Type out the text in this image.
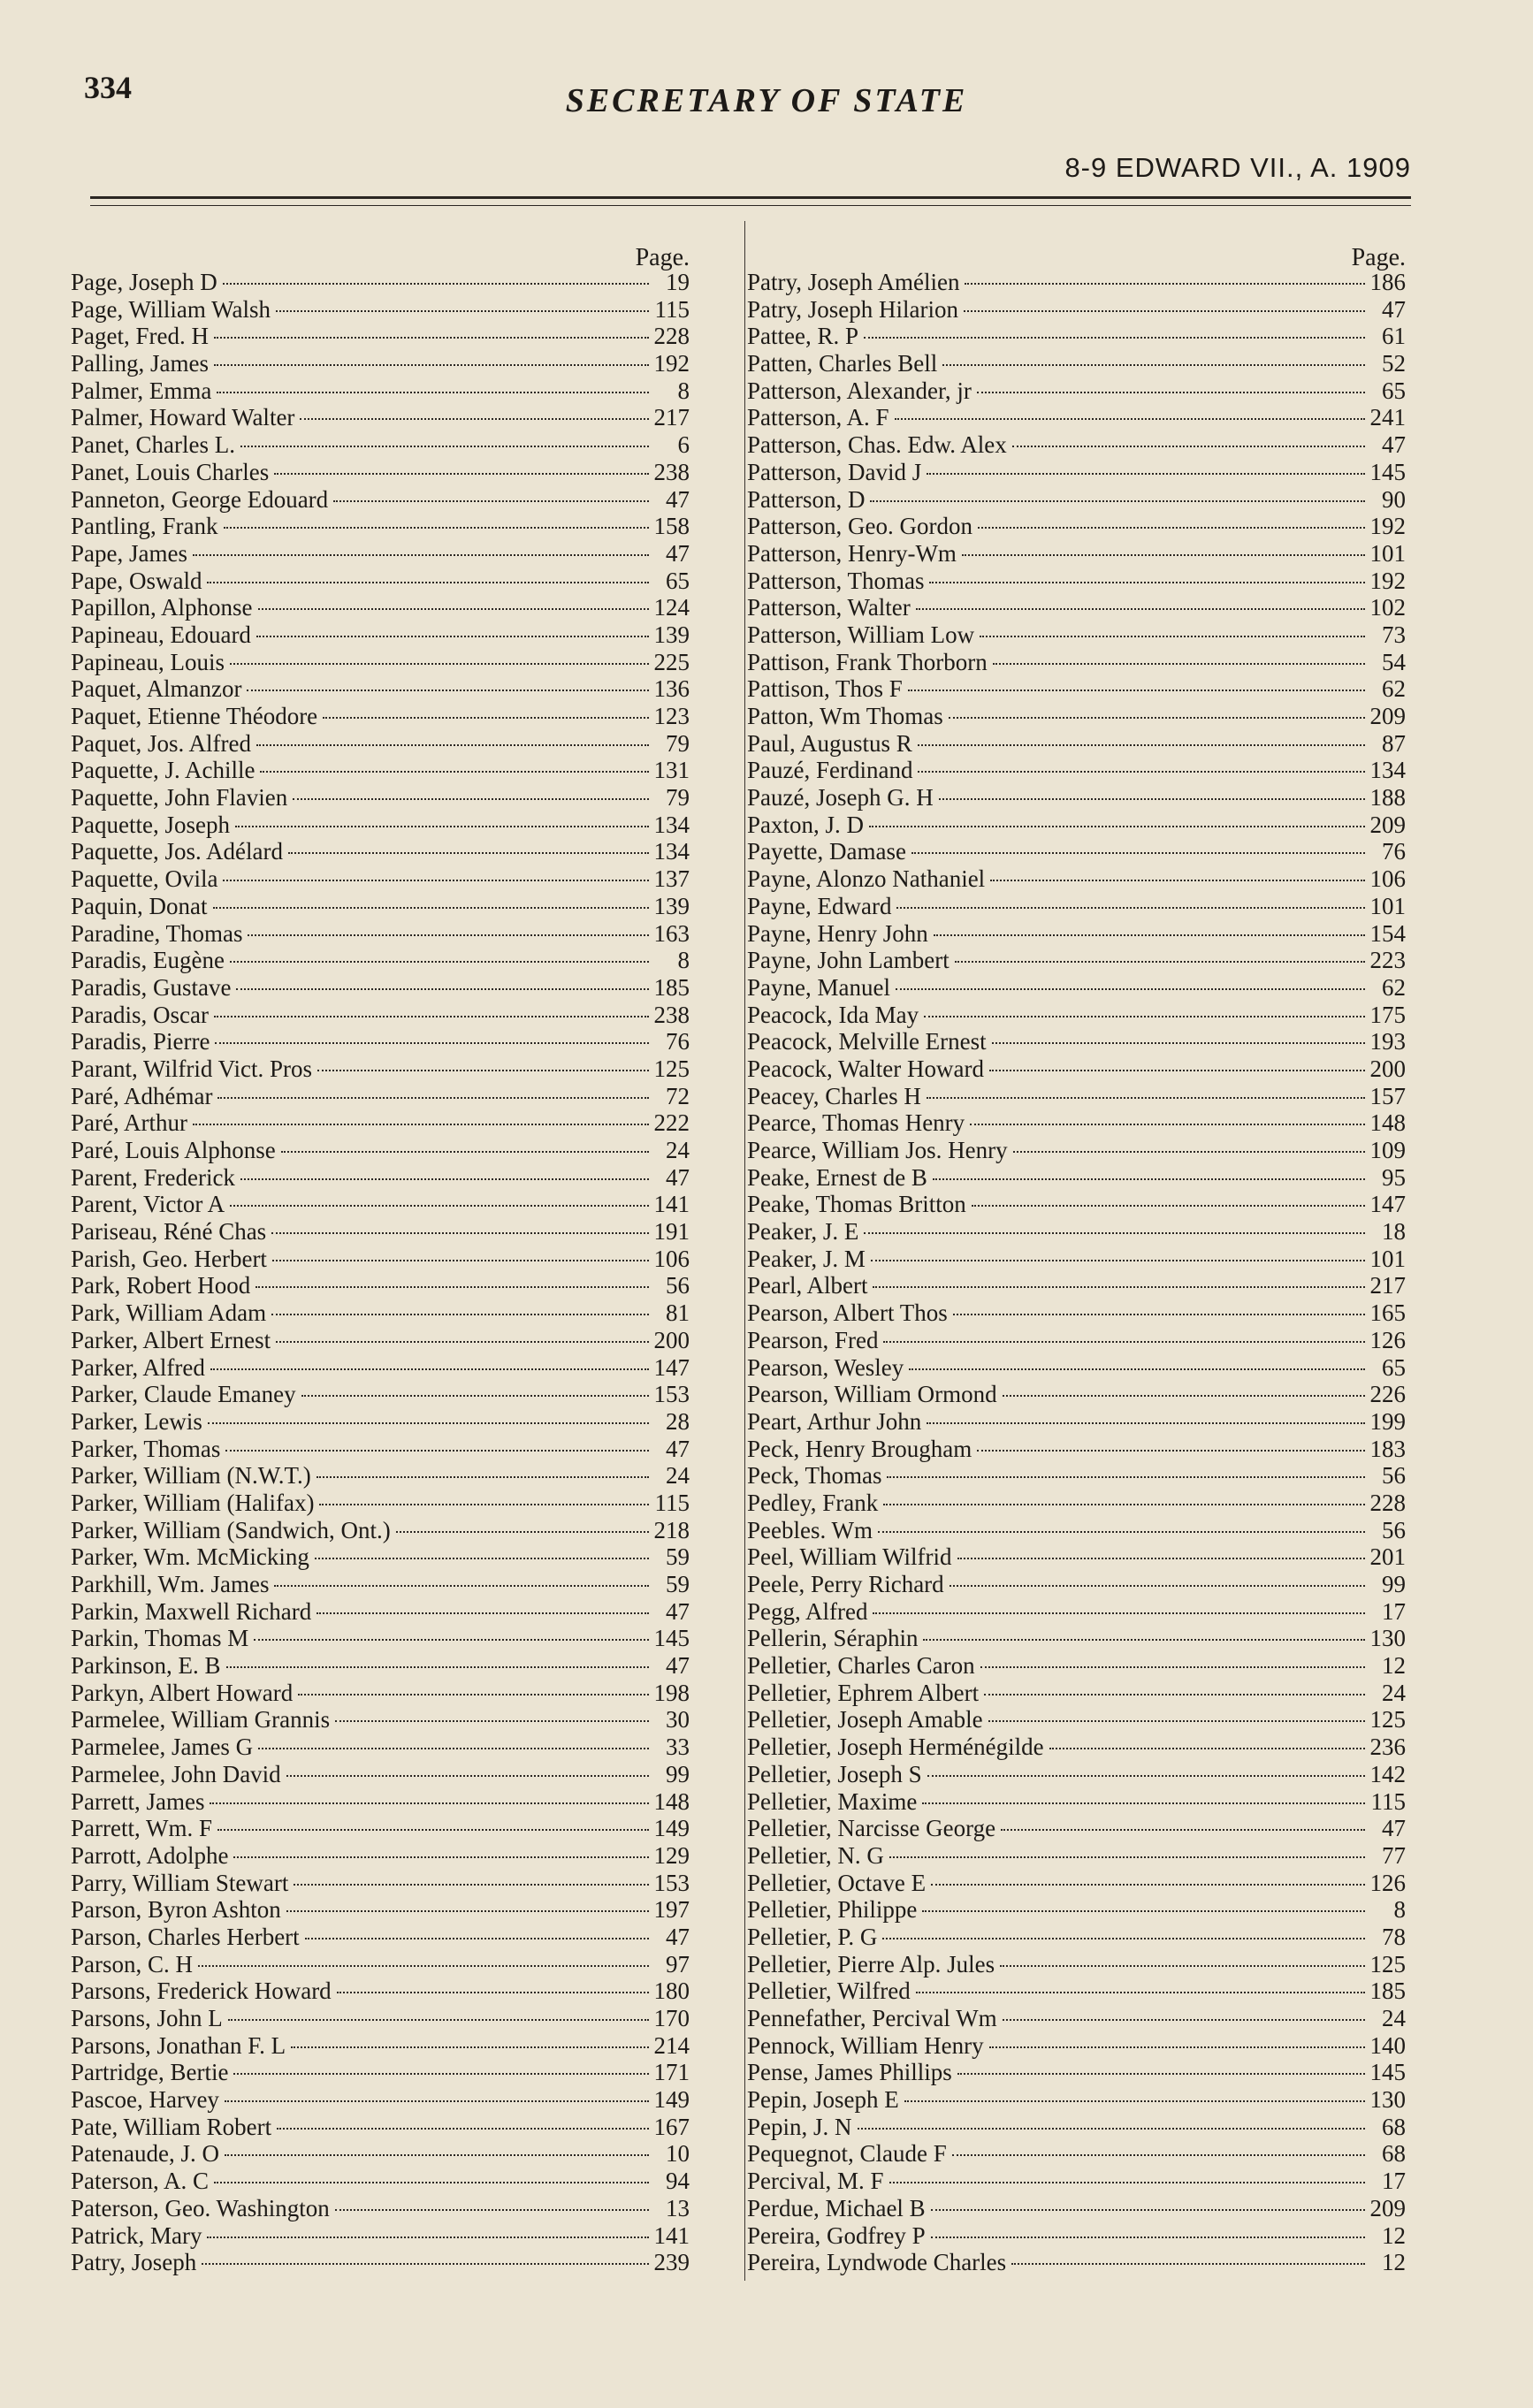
334	SECRETARY OF STATE
8-9 EDWARD VII., A. 1909
Page.
Page, Joseph D	19
Page, William Walsh	115
Paget, Fred. H	228
Palling, James	192
Palmer, Emma	8
Palmer, Howard Walter	217
Panet, Charles L.	6
Panet, Louis Charles	238
Panneton, George Edouard	47
Pantling, Frank	158
Pape, James	47
Pape, Oswald	65
Papillon, Alphonse	124
Papineau, Edouard	139
Papineau, Louis	225
Paquet, Almanzor	136
Paquet, Etienne Théodore	123
Paquet, Jos. Alfred	79
Paquette, J. Achille	131
Paquette, John Flavien	79
Paquette, Joseph	134
Paquette, Jos. Adélard	134
Paquette, Ovila	137
Paquin, Donat	139
Paradine, Thomas	163
Paradis, Eugène	8
Paradis, Gustave	185
Paradis, Oscar	238
Paradis, Pierre	76
Parant, Wilfrid Vict. Pros	125
Paré, Adhémar	72
Paré, Arthur	222
Paré, Louis Alphonse	24
Parent, Frederick	47
Parent, Victor A	141
Pariseau, Réné Chas	191
Parish, Geo. Herbert	106
Park, Robert Hood	56
Park, William Adam	81
Parker, Albert Ernest	200
Parker, Alfred	147
Parker, Claude Emaney	153
Parker, Lewis	28
Parker, Thomas	47
Parker, William (N.W.T.)	24
Parker, William (Halifax)	115
Parker, William (Sandwich, Ont.)	218
Parker, Wm. McMicking	59
Parkhill, Wm. James	59
Parkin, Maxwell Richard	47
Parkin, Thomas M	145
Parkinson, E. B	47
Parkyn, Albert Howard	198
Parmelee, William Grannis	30
Parmelee, James G	33
Parmelee, John David	99
Parrett, James	148
Parrett, Wm. F	149
Parrott, Adolphe	129
Parry, William Stewart	153
Parson, Byron Ashton	197
Parson, Charles Herbert	47
Parson, C. H	97
Parsons, Frederick Howard	180
Parsons, John L	170
Parsons, Jonathan F. L	214
Partridge, Bertie	171
Pascoe, Harvey	149
Pate, William Robert	167
Patenaude, J. O	10
Paterson, A. C	94
Paterson, Geo. Washington	13
Patrick, Mary	141
Patry, Joseph	239
Page.
Patry, Joseph Amélien	186
Patry, Joseph Hilarion	47
Pattee, R. P	61
Patten, Charles Bell	52
Patterson, Alexander, jr	65
Patterson, A. F	241
Patterson, Chas. Edw. Alex	47
Patterson, David J	145
Patterson, D	90
Patterson, Geo. Gordon	192
Patterson, Henry-Wm	101
Patterson, Thomas	192
Patterson, Walter	102
Patterson, William Low	73
Pattison, Frank Thorborn	54
Pattison, Thos F	62
Patton, Wm Thomas	209
Paul, Augustus R	87
Pauzé, Ferdinand	134
Pauzé, Joseph G. H	188
Paxton, J. D	209
Payette, Damase	76
Payne, Alonzo Nathaniel	106
Payne, Edward	101
Payne, Henry John	154
Payne, John Lambert	223
Payne, Manuel	62
Peacock, Ida May	175
Peacock, Melville Ernest	193
Peacock, Walter Howard	200
Peacey, Charles H	157
Pearce, Thomas Henry	148
Pearce, William Jos. Henry	109
Peake, Ernest de B	95
Peake, Thomas Britton	147
Peaker, J. E	18
Peaker, J. M	101
Pearl, Albert	217
Pearson, Albert Thos	165
Pearson, Fred	126
Pearson, Wesley	65
Pearson, William Ormond	226
Peart, Arthur John	199
Peck, Henry Brougham	183
Peck, Thomas	56
Pedley, Frank	228
Peebles. Wm	56
Peel, William Wilfrid	201
Peele, Perry Richard	99
Pegg, Alfred	17
Pellerin, Séraphin	130
Pelletier, Charles Caron	12
Pelletier, Ephrem Albert	24
Pelletier, Joseph Amable	125
Pelletier, Joseph Herménégilde	236
Pelletier, Joseph S	142
Pelletier, Maxime	115
Pelletier, Narcisse George	47
Pelletier, N. G	77
Pelletier, Octave E	126
Pelletier, Philippe	8
Pelletier, P. G	78
Pelletier, Pierre Alp. Jules	125
Pelletier, Wilfred	185
Pennefather, Percival Wm	24
Pennock, William Henry	140
Pense, James Phillips	145
Pepin, Joseph E	130
Pepin, J. N	68
Pequegnot, Claude F	68
Percival, M. F	17
Perdue, Michael B	209
Pereira, Godfrey P	12
Pereira, Lyndwode Charles	12
